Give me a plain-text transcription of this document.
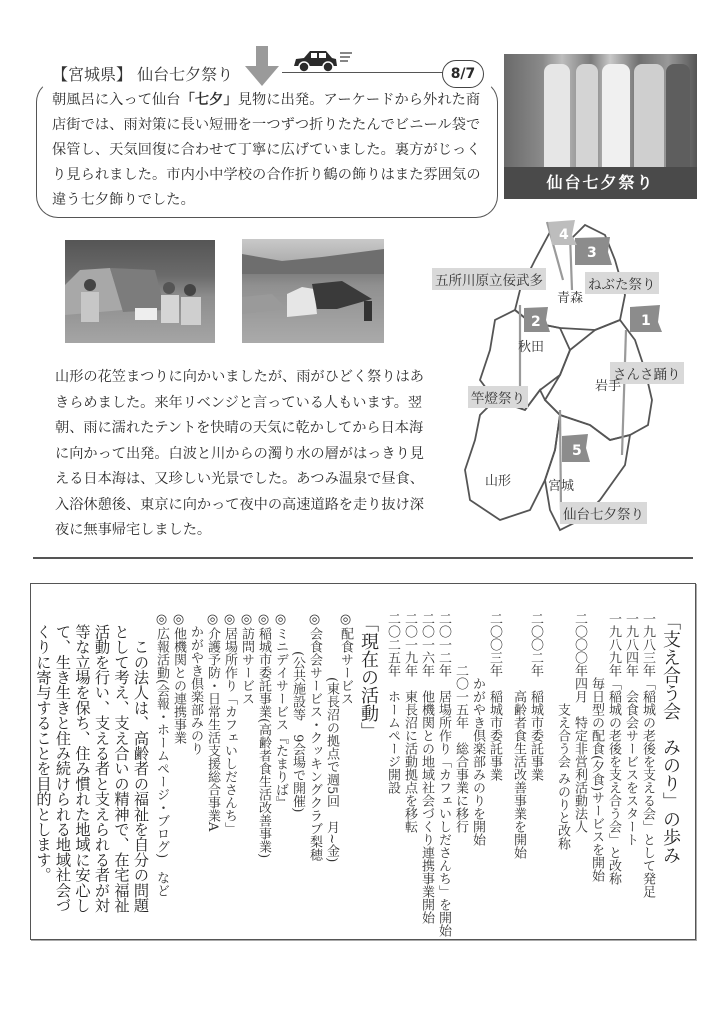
【宮城県】 仙台七夕祭り	8/7
朝風呂に入って仙台「七夕」見物に出発。アーケードから外れた商店街では、雨対策に長い短冊を一つずつ折りたたんでビニール袋で保管し、天気回復に合わせて丁寧に広げていました。裏方がじっくり見られました。市内小中学校の合作折り鶴の飾りはまた雰囲気の違う七夕飾りでした。
仙台七夕祭り
山形の花笠まつりに向かいましたが、雨がひどく祭りはあきらめました。来年リベンジと言っている人もいます。翌朝、雨に濡れたテントを快晴の天気に乾かしてから日本海に向かって出発。白波と川からの濁り水の層がはっきり見える日本海は、又珍しい光景でした。あつみ温泉で昼食、入浴休憩後、東京に向かって夜中の高速道路を走り抜け深夜に無事帰宅しました。
1
2
3
4
5
さんさ踊り
竿燈祭り
ねぶた祭り
五所川原立佞武多
仙台七夕祭り
青森
秋田
岩手
山形	宮城
「支え合う会　みのり」の歩み
一九八三年「稲城の老後を支える会」として発足
一九八四年　会食会サービスをスタート
一九八九年「稲城の老後を支え合う会」と改称
　　　　　毎日型の配食(夕食)サービスを開始
二〇〇〇年四月　特定非営利活動法人
　　　　　　　支え合う会 みのりと改称
二〇〇二年　稲城市委託事業
　　　　　　高齢者食生活改善事業を開始
二〇〇三年　稲城市委託事業
　　　　　かがやき倶楽部みのりを開始
　　　　二〇一五年　総合事業に移行
二〇一二年　居場所作り「カフェいしださんち」を開始
二〇一六年　他機関との地域社会づくり連携事業開始
二〇一九年　東長沼に活動拠点を移転
二〇二五年　ホームページ開設
「現在の活動」
◎配食サービス
　　　　　(東長沼の拠点で週5回　月~金)
◎会食会サービス・クッキングクラブ梨穂
　　　(公共施設等　9会場で開催)
◎ミニデイサービス『たまりば』
◎稲城市委託事業(高齢者食生活改善事業)
◎訪問サービス
◎居場所作り「カフェいしださんち」
◎介護予防・日常生活支援総合事業A
　かがやき倶楽部みのり
◎他機関との連携事業
◎広報活動(会報・ホームページ・ブログ)　など
　この法人は、高齢者の福祉を自分の問題として考え、支え合いの精神で、在宅福祉活動を行い、支える者と支えられる者が対等な立場を保ち、住み慣れた地域に安心して、生き生きと住み続けられる地域社会づくりに寄与することを目的とします。
